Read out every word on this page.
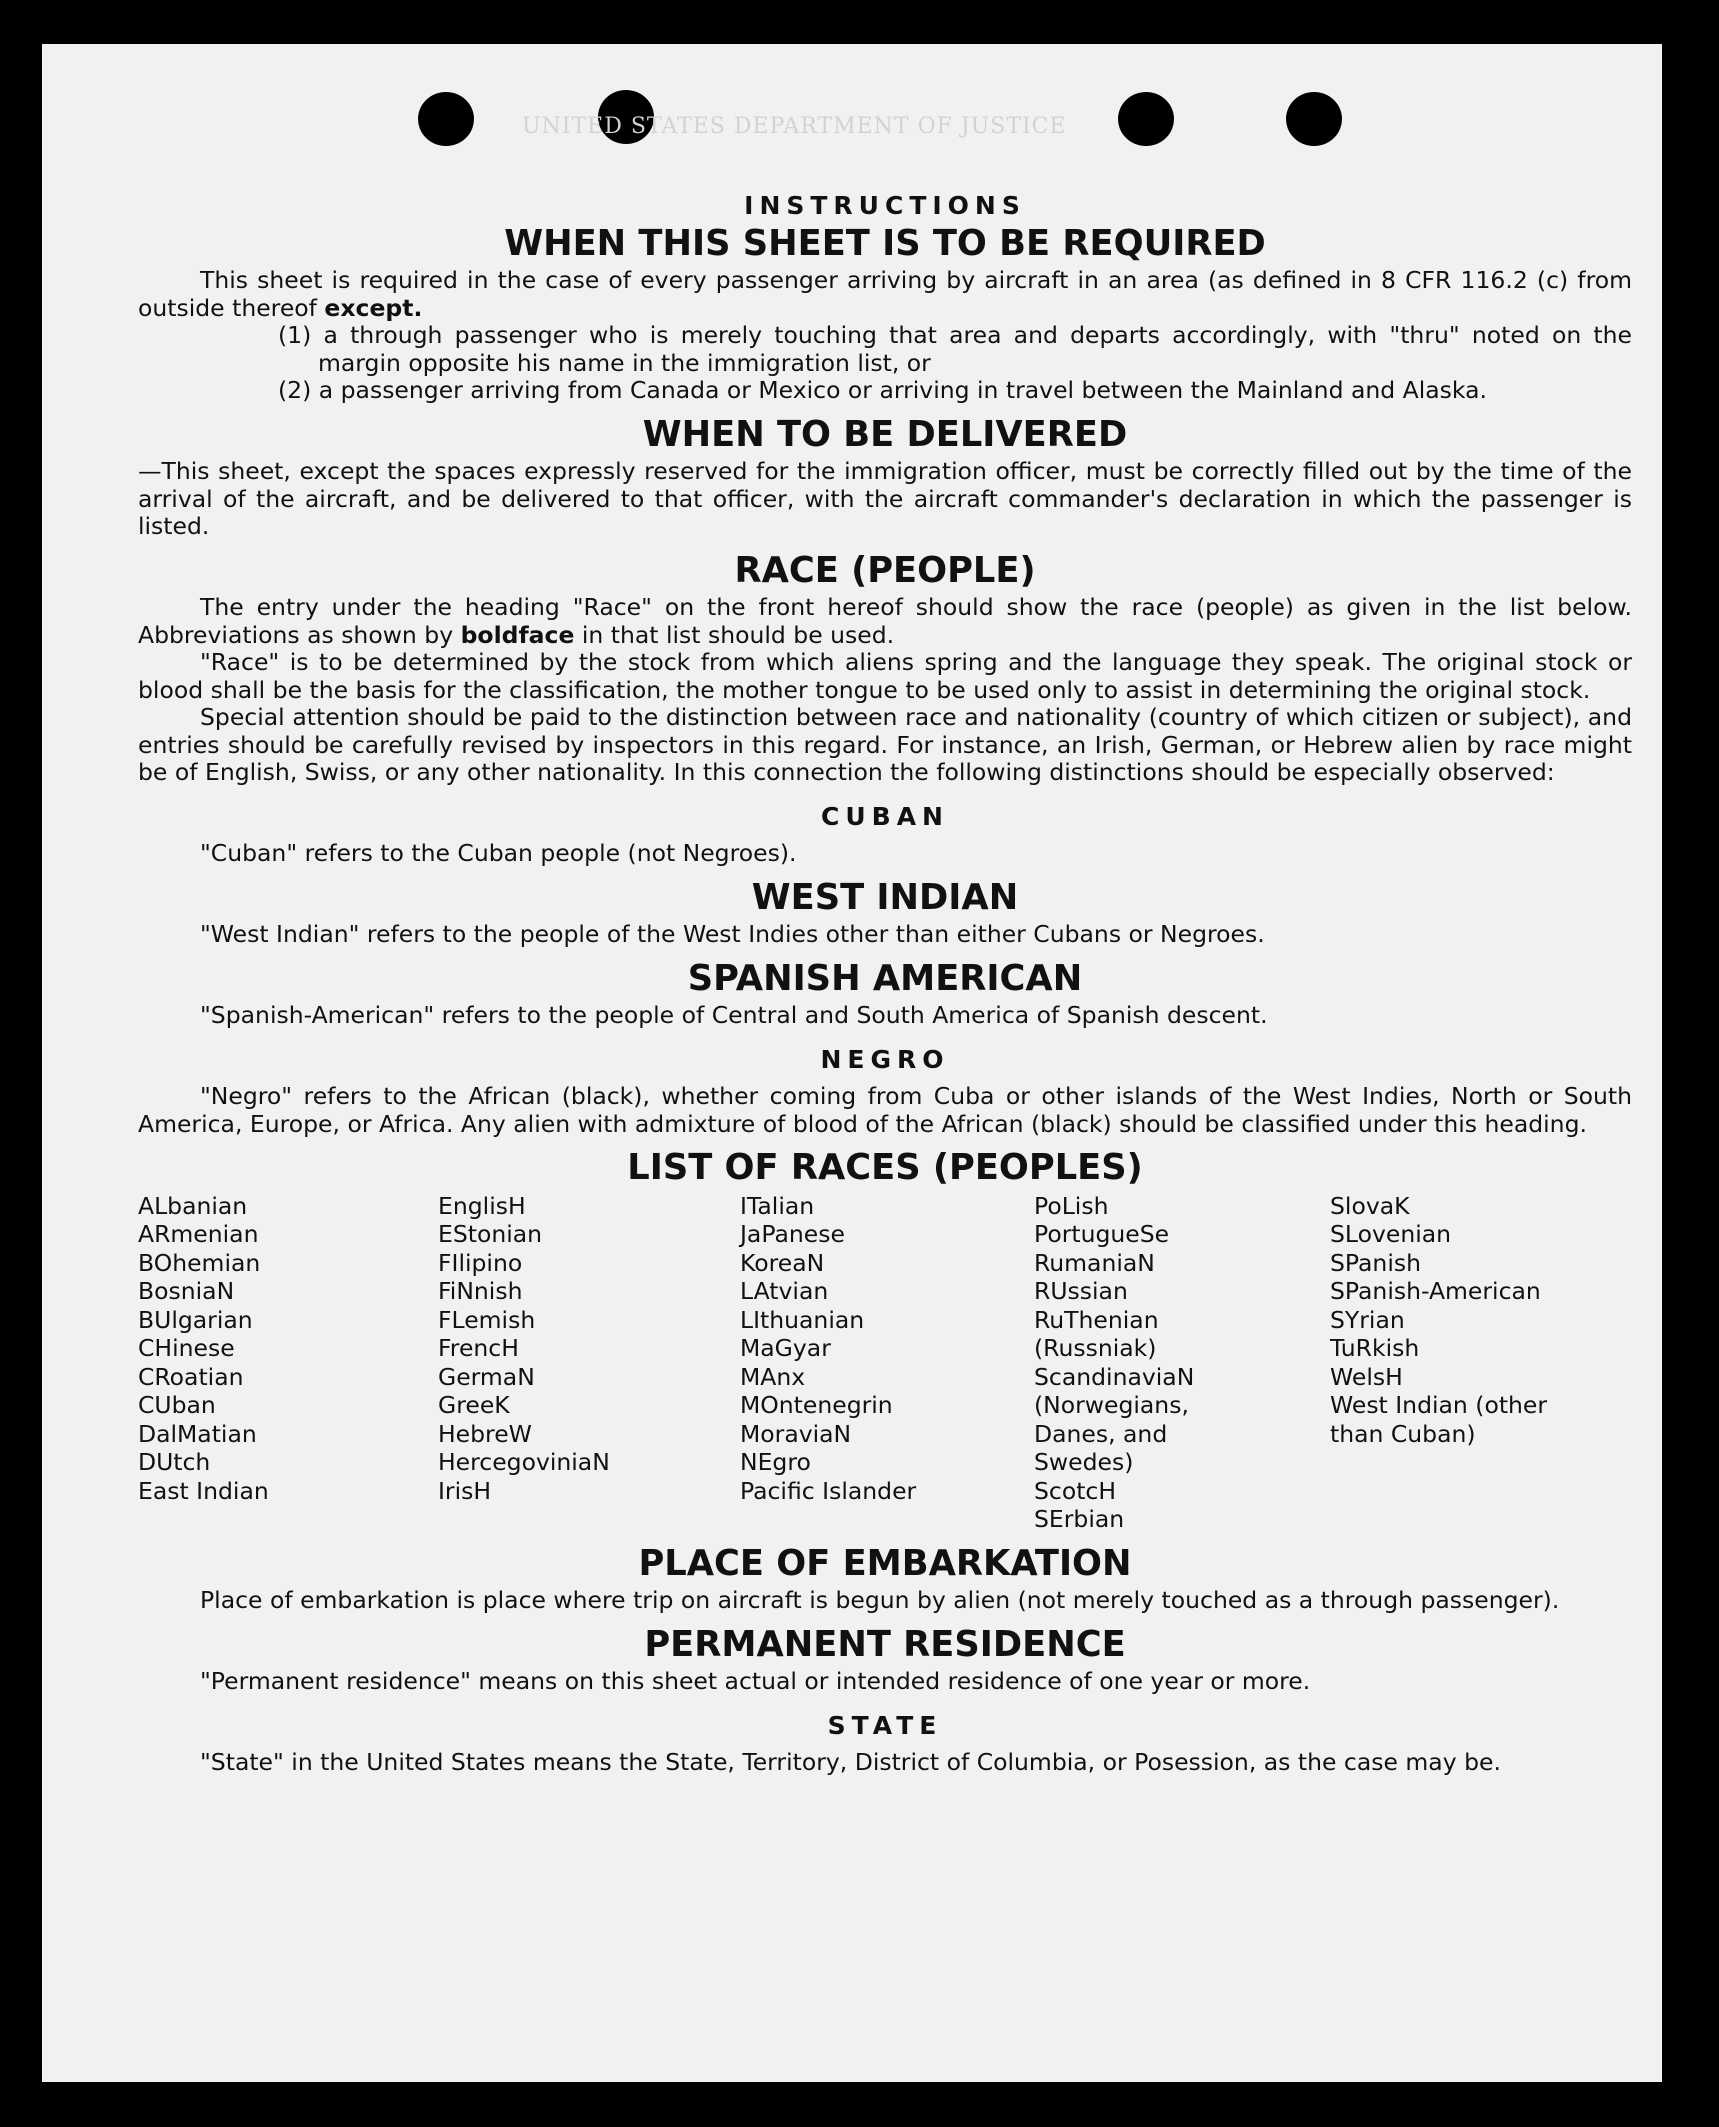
UNITED STATES DEPARTMENT OF JUSTICE
INSTRUCTIONS
WHEN THIS SHEET IS TO BE REQUIRED

This sheet is required in the case of every passenger arriving by aircraft in an area (as defined in 8 CFR 116.2 (c) from outside thereof except.

(1) a through passenger who is merely touching that area and departs accordingly, with "thru" noted on the margin opposite his name in the immigration list, or

(2) a passenger arriving from Canada or Mexico or arriving in travel between the Mainland and Alaska.

WHEN TO BE DELIVERED

—This sheet, except the spaces expressly reserved for the immigration officer, must be correctly filled out by the time of the arrival of the aircraft, and be delivered to that officer, with the aircraft commander's declaration in which the passenger is listed.

RACE (PEOPLE)

The entry under the heading "Race" on the front hereof should show the race (people) as given in the list below. Abbreviations as shown by boldface in that list should be used.

"Race" is to be determined by the stock from which aliens spring and the language they speak. The original stock or blood shall be the basis for the classification, the mother tongue to be used only to assist in determining the original stock.

Special attention should be paid to the distinction between race and nationality (country of which citizen or subject), and entries should be carefully revised by inspectors in this regard. For instance, an Irish, German, or Hebrew alien by race might be of English, Swiss, or any other nationality. In this connection the following distinctions should be especially observed:

CUBAN

"Cuban" refers to the Cuban people (not Negroes).

WEST INDIAN

"West Indian" refers to the people of the West Indies other than either Cubans or Negroes.

SPANISH AMERICAN

"Spanish-American" refers to the people of Central and South America of Spanish descent.

NEGRO

"Negro" refers to the African (black), whether coming from Cuba or other islands of the West Indies, North or South America, Europe, or Africa. Any alien with admixture of blood of the African (black) should be classified under this heading.

LIST OF RACES (PEOPLES)
ALbanian
ARmenian
BOhemian
BosniaN
BUlgarian
CHinese
CRoatian
CUban
DalMatian
DUtch
East Indian
EnglisH
EStonian
FIlipino
FiNnish
FLemish
FrencH
GermaN
GreeK
HebreW
HercegoviniaN
IrisH
ITalian
JaPanese
KoreaN
LAtvian
LIthuanian
MaGyar
MAnx
MOntenegrin
MoraviaN
NEgro
Pacific Islander
PoLish
PortugueSe
RumaniaN
RUssian
RuThenian (Russniak)
ScandinaviaN (Norwegians, Danes, and Swedes)
ScotcH
SErbian
SlovaK
SLovenian
SPanish
SPanish-American
SYrian
TuRkish
WelsH
West Indian (other than Cuban)
PLACE OF EMBARKATION

Place of embarkation is place where trip on aircraft is begun by alien (not merely touched as a through passenger).

PERMANENT RESIDENCE

"Permanent residence" means on this sheet actual or intended residence of one year or more.

STATE

"State" in the United States means the State, Territory, District of Columbia, or Posession, as the case may be.
